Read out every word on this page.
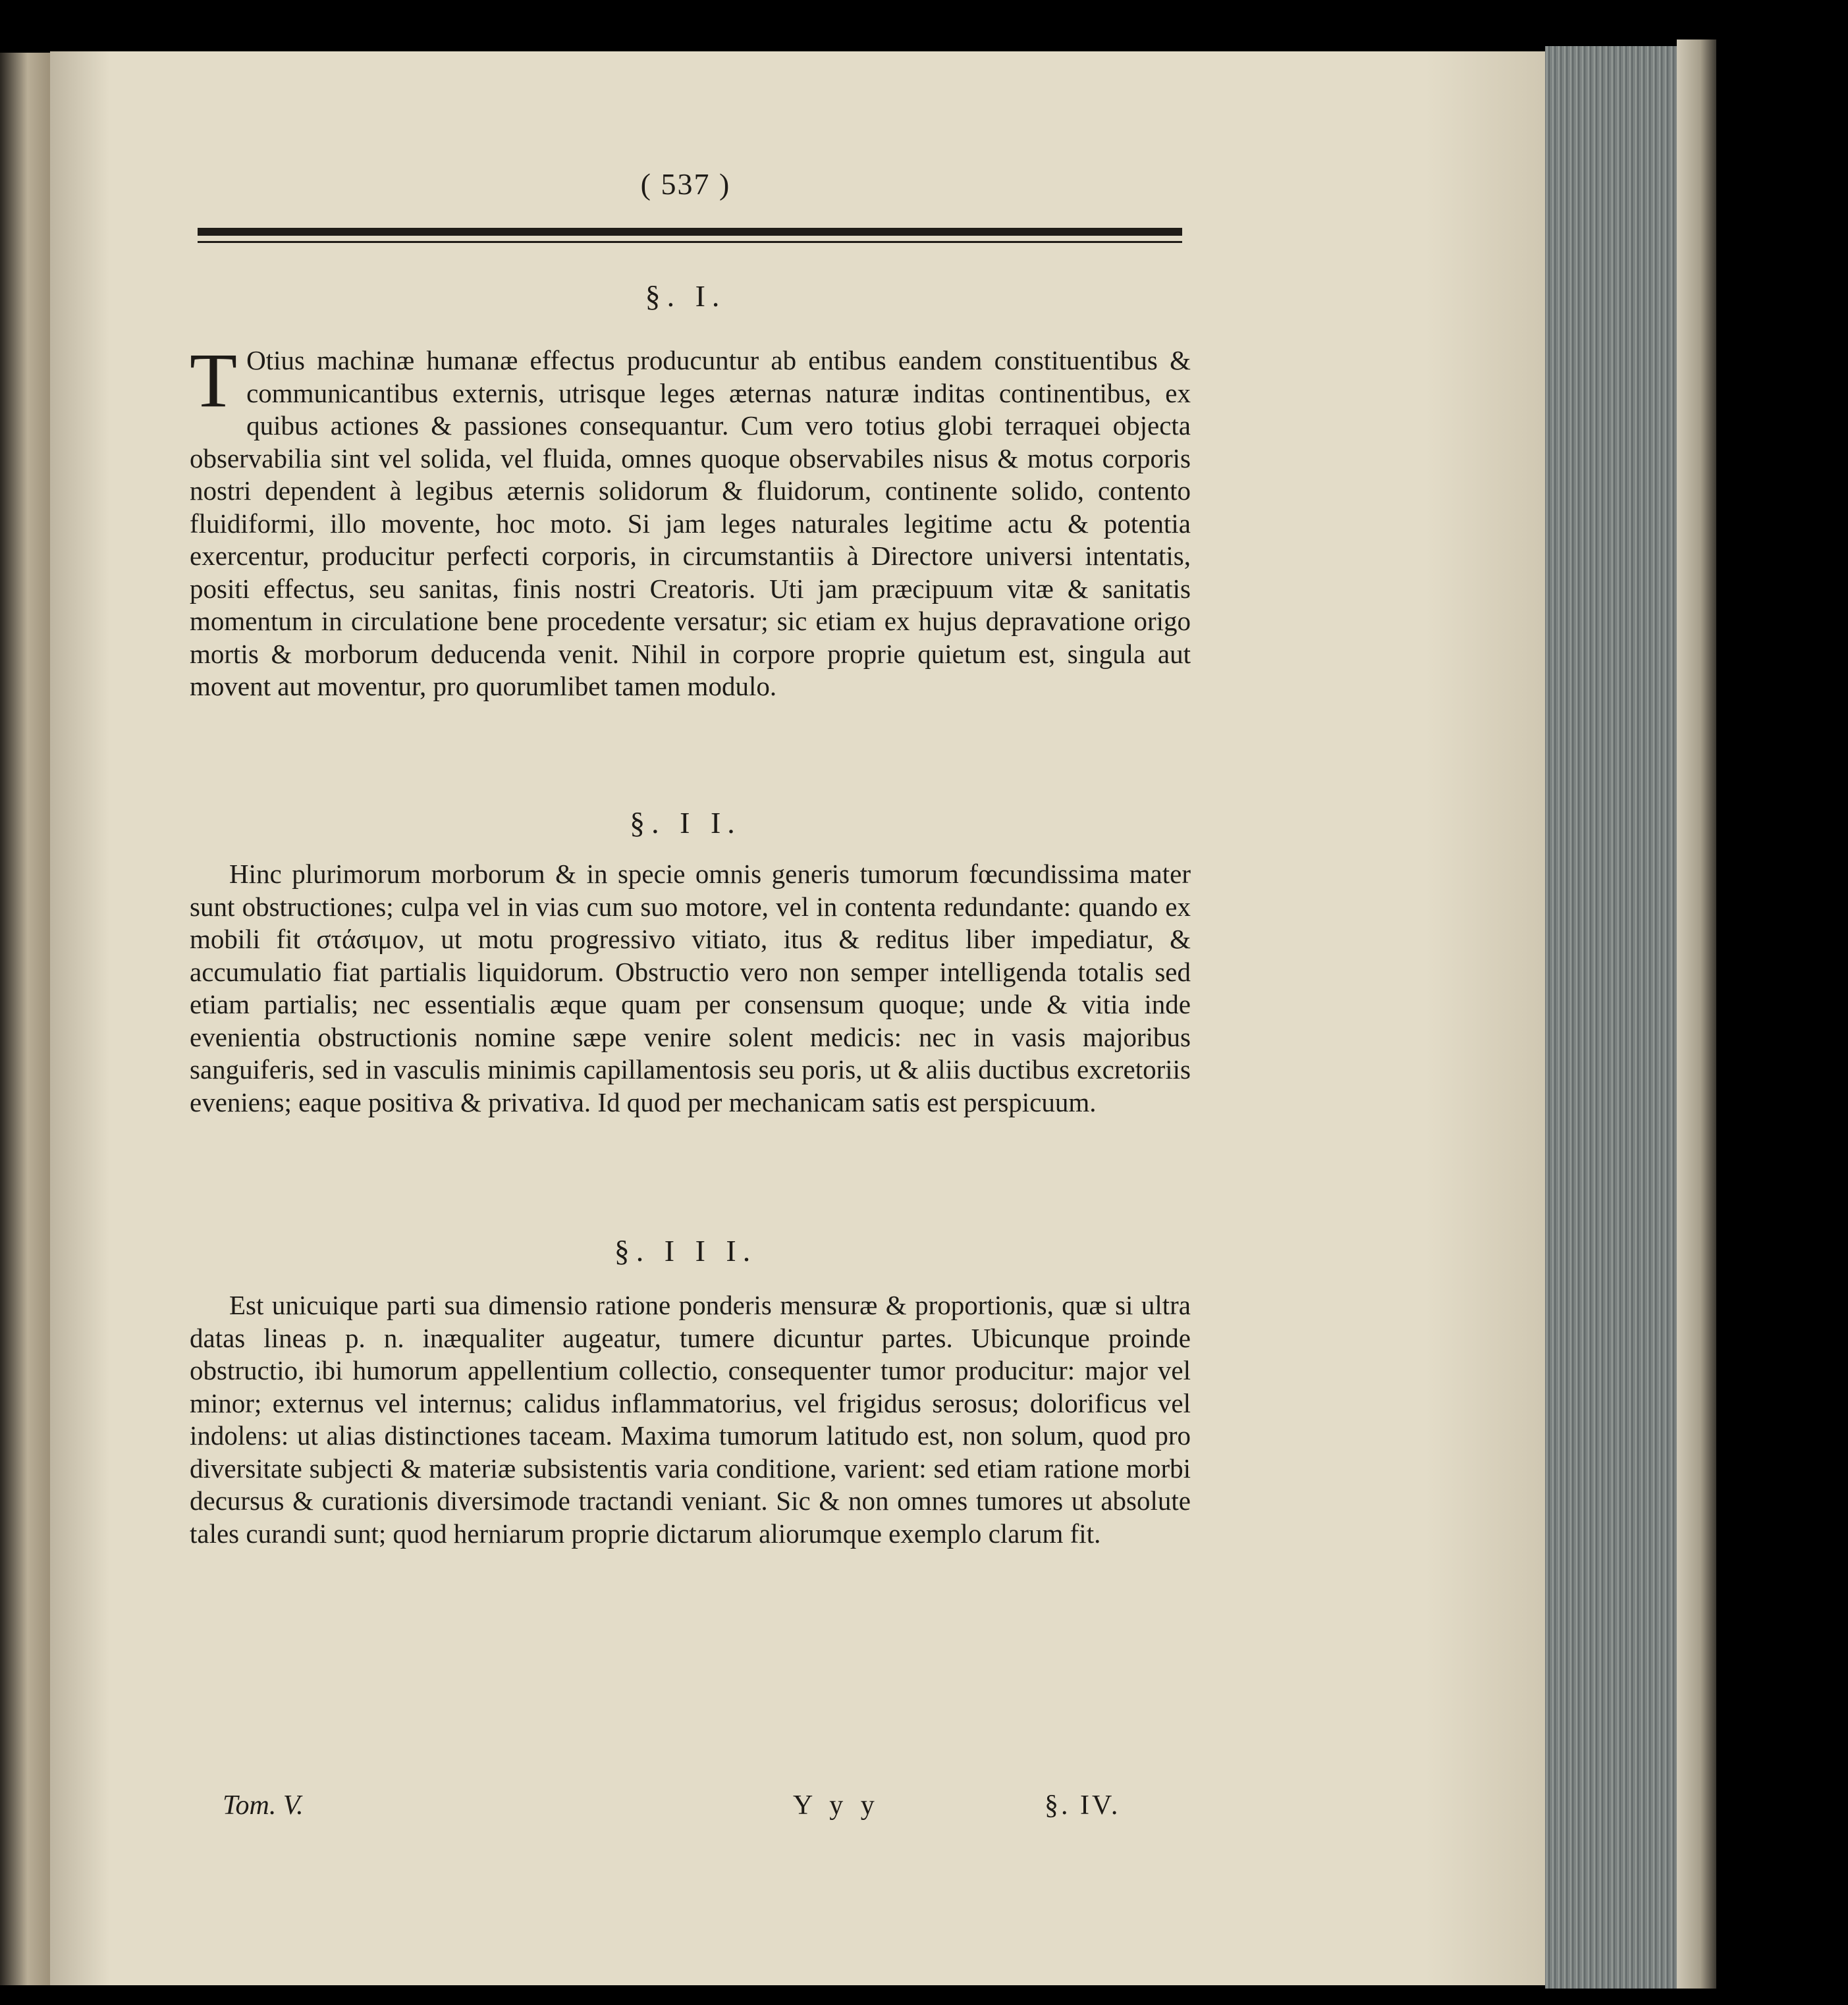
( 537 )
§. I.

T Otius machinæ humanæ effectus producuntur ab entibus eandem constituentibus & communicantibus externis, utrisque leges æternas naturæ inditas continentibus, ex quibus actiones & passiones consequantur. Cum vero totius globi terraquei objecta observabilia sint vel solida, vel fluida, omnes quoque observabiles nisus & motus corporis nostri dependent à legibus æternis solidorum & fluidorum, continente solido, contento fluidiformi, illo movente, hoc moto. Si jam leges naturales legitime actu & potentia exercentur, producitur perfecti corporis, in circumstantiis à Directore universi intentatis, positi effectus, seu sanitas, finis nostri Creatoris. Uti jam præcipuum vitæ & sanitatis momentum in circulatione bene procedente versatur; sic etiam ex hujus depravatione origo mortis & morborum deducenda venit. Nihil in corpore proprie quietum est, singula aut movent aut moventur, pro quorumlibet tamen modulo.

§. I I.

Hinc plurimorum morborum & in specie omnis generis tumorum fœcundissima mater sunt obstructiones; culpa vel in vias cum suo motore, vel in contenta redundante: quando ex mobili fit στάσιμον, ut motu progressivo vitiato, itus & reditus liber impediatur, & accumulatio fiat partialis liquidorum. Obstructio vero non semper intelligenda totalis sed etiam partialis; nec essentialis æque quam per consensum quoque; unde & vitia inde evenientia obstructionis nomine sæpe venire solent medicis: nec in vasis majoribus sanguiferis, sed in vasculis minimis capillamentosis seu poris, ut & aliis ductibus excretoriis eveniens; eaque positiva & privativa. Id quod per mechanicam satis est perspicuum.

§. I I I.

Est unicuique parti sua dimensio ratione ponderis mensuræ & proportionis, quæ si ultra datas lineas p. n. inæqualiter augeatur, tumere dicuntur partes. Ubicunque proinde obstructio, ibi humorum appellentium collectio, consequenter tumor producitur: major vel minor; externus vel internus; calidus inflammatorius, vel frigidus serosus; dolorificus vel indolens: ut alias distinctiones taceam. Maxima tumorum latitudo est, non solum, quod pro diversitate subjecti & materiæ subsistentis varia conditione, varient: sed etiam ratione morbi decursus & curationis diversimode tractandi veniant. Sic & non omnes tumores ut absolute tales curandi sunt; quod herniarum proprie dictarum aliorumque exemplo clarum fit.

Tom. V.	Y y y	§. IV.
